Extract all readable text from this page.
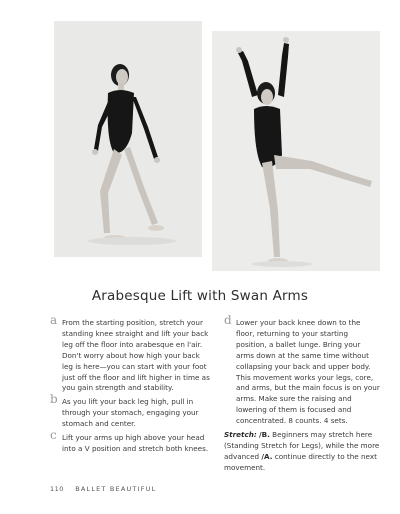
Arabesque Lift with Swan Arms
a From the starting position, stretch your standing knee straight and lift your back leg off the floor into arabesque en l'air. Don't worry about how high your back leg is here—you can start with your foot just off the floor and lift higher in time as you gain strength and stability.
b As you lift your back leg high, pull in through your stomach, engaging your stomach and center.
c Lift your arms up high above your head into a V position and stretch both knees.
d Lower your back knee down to the floor, returning to your starting position, a ballet lunge. Bring your arms down at the same time without collapsing your back and upper body. This movement works your legs, core, and arms, but the main focus is on your arms. Make sure the raising and lowering of them is focused and concentrated. 8 counts. 4 sets.
Stretch: /B. Beginners may stretch here (Standing Stretch for Legs), while the more advanced /A. continue directly to the next movement.
110 BALLET BEAUTIFUL
